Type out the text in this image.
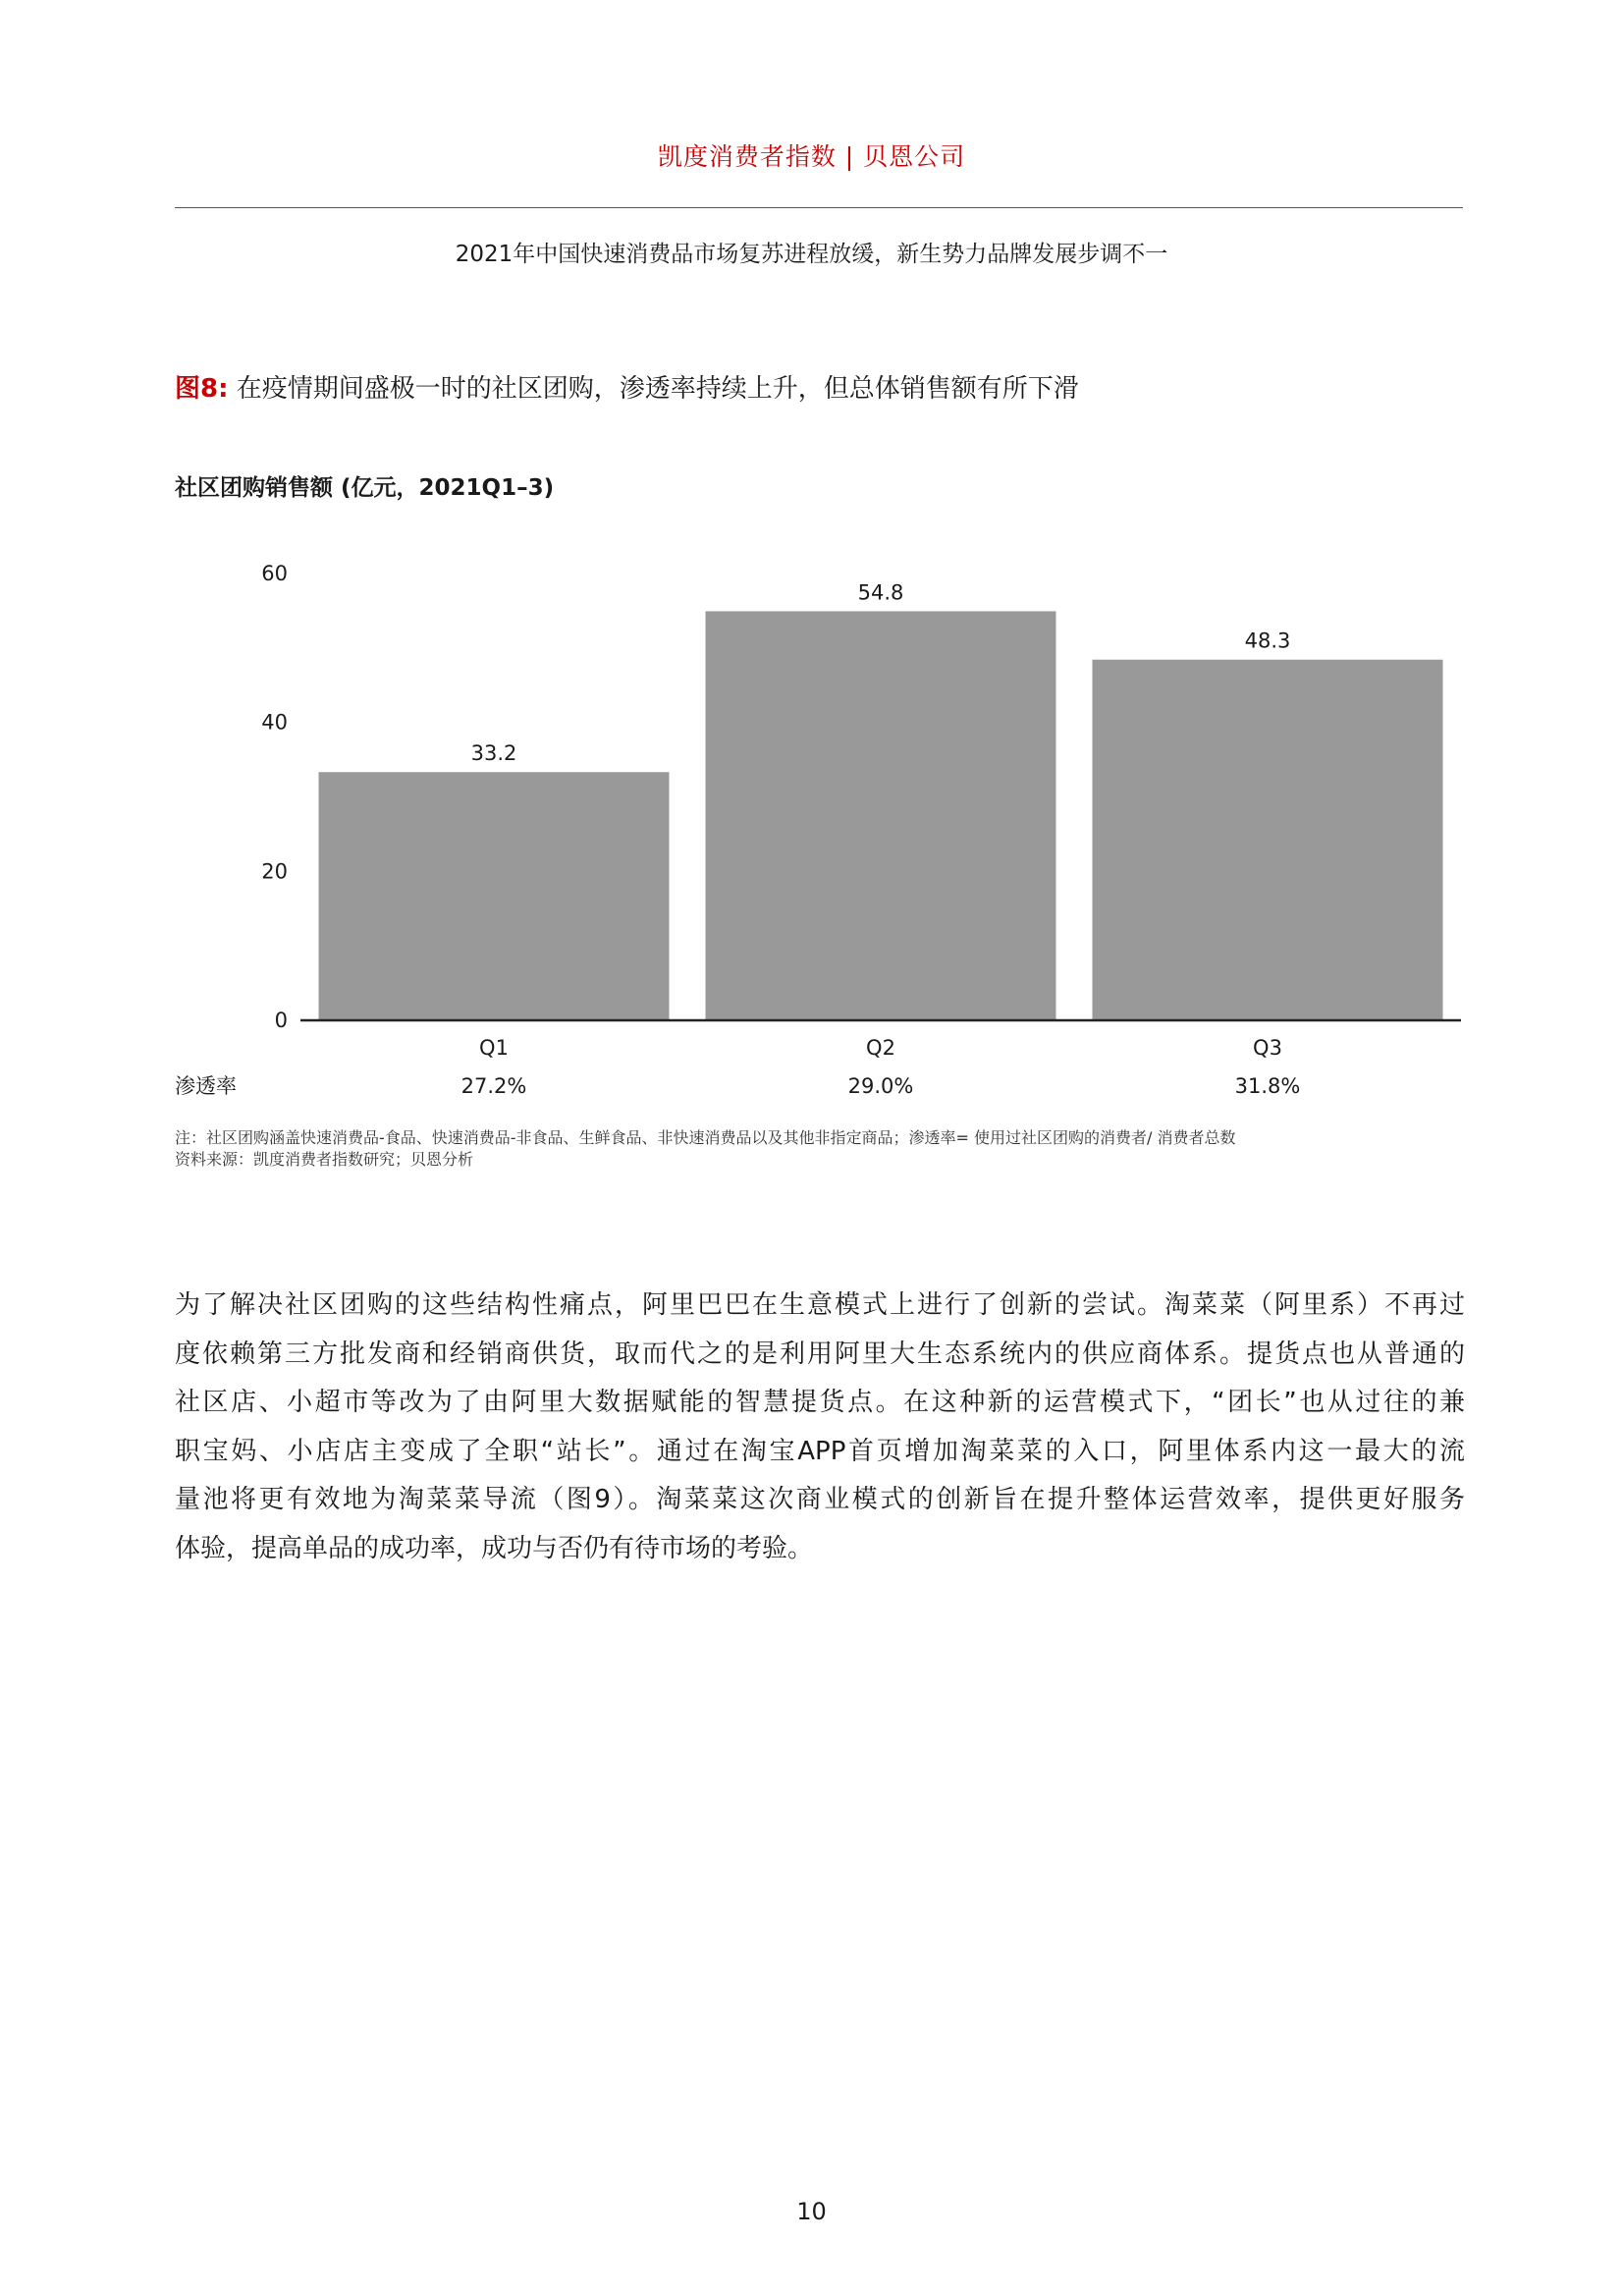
凯度消费者指数 | 贝恩公司
2021年中国快速消费品市场复苏进程放缓，新生势力品牌发展步调不一
图8: 在疫情期间盛极一时的社区团购，渗透率持续上升，但总体销售额有所下滑
社区团购销售额 (亿元，2021Q1–3)
0
20
40
60
33.2
Q1
27.2%
54.8
Q2
29.0%
48.3
Q3
31.8%
渗透率
注：社区团购涵盖快速消费品-食品、快速消费品-非食品、生鲜食品、非快速消费品以及其他非指定商品；渗透率= 使用过社区团购的消费者/ 消费者总数
资料来源：凯度消费者指数研究；贝恩分析
为了解决社区团购的这些结构性痛点，阿里巴巴在生意模式上进行了创新的尝试。淘菜菜（阿里系）不再过
度依赖第三方批发商和经销商供货，取而代之的是利用阿里大生态系统内的供应商体系。提货点也从普通的
社区店、小超市等改为了由阿里大数据赋能的智慧提货点。在这种新的运营模式下，“团长”也从过往的兼
职宝妈、小店店主变成了全职“站长”。通过在淘宝APP首页增加淘菜菜的入口，阿里体系内这一最大的流
量池将更有效地为淘菜菜导流（图9）。淘菜菜这次商业模式的创新旨在提升整体运营效率，提供更好服务
体验，提高单品的成功率，成功与否仍有待市场的考验。
10
